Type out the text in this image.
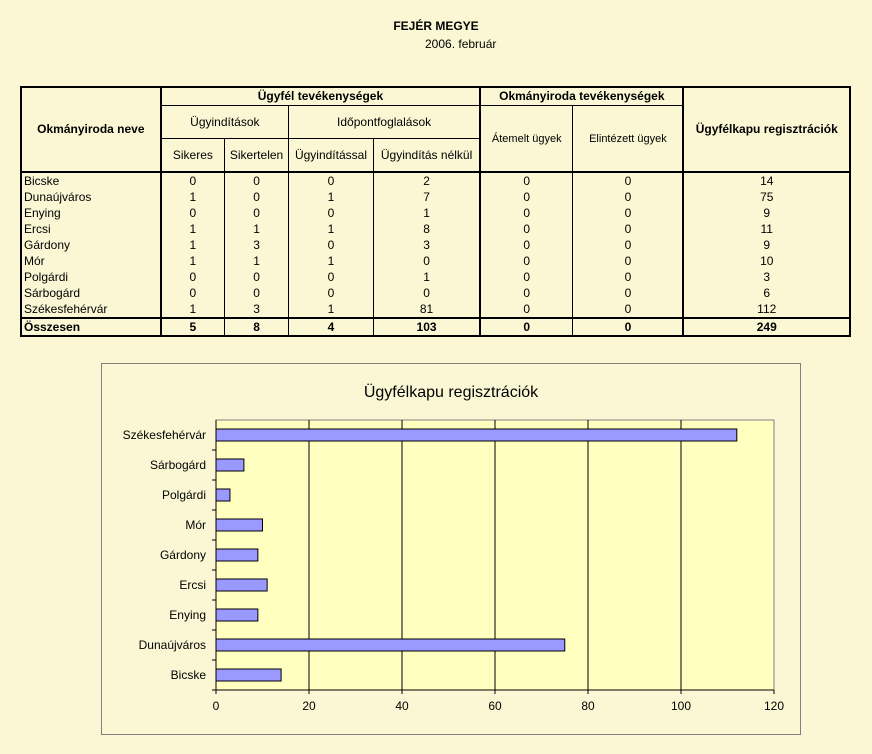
FEJÉR MEGYE
2006. február
Okmányiroda neve	Ügyfél tevékenységek				Okmányiroda tevékenységek		Ügyfélkapu regisztrációk
	Ügyindítások		Időpontfoglalások		Átemelt ügyek	Elintézett ügyek	
	Sikeres	Sikertelen	Ügyindítással	Ügyindítás nélkül			
Bicske	0	0	0	2	0	0	14
Dunaújváros	1	0	1	7	0	0	75
Enying	0	0	0	1	0	0	9
Ercsi	1	1	1	8	0	0	11
Gárdony	1	3	0	3	0	0	9
Mór	1	1	1	0	0	0	10
Polgárdi	0	0	0	1	0	0	3
Sárbogárd	0	0	0	0	0	0	6
Székesfehérvár	1	3	1	81	0	0	112
Összesen	5	8	4	103	0	0	249
Ügyfélkapu regisztrációk
0	20	40	60	80	100	120
Bicske
Dunaújváros
Enying
Ercsi
Gárdony
Mór
Polgárdi
Sárbogárd
Székesfehérvár
